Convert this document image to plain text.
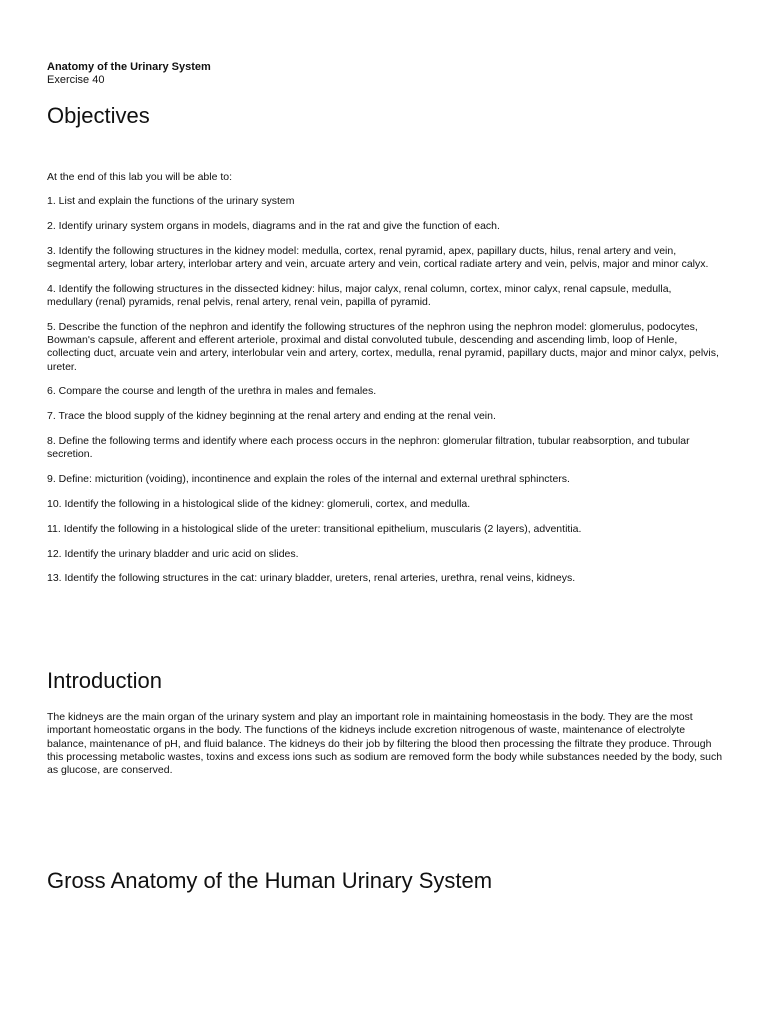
Anatomy of the Urinary System
Exercise 40
Objectives
At the end of this lab you will be able to:
1. List and explain the functions of the urinary system
2. Identify urinary system organs in models, diagrams and in the rat and give the function of each.
3. Identify the following structures in the kidney model: medulla, cortex, renal pyramid, apex, papillary ducts, hilus, renal artery and vein, segmental artery, lobar artery, interlobar artery and vein, arcuate artery and vein, cortical radiate artery and vein, pelvis, major and minor calyx.
4. Identify the following structures in the dissected kidney: hilus, major calyx, renal column, cortex, minor calyx, renal capsule, medulla, medullary (renal) pyramids, renal pelvis, renal artery, renal vein, papilla of pyramid.
5. Describe the function of the nephron and identify the following structures of the nephron using the nephron model: glomerulus, podocytes, Bowman's capsule, afferent and efferent arteriole, proximal and distal convoluted tubule, descending and ascending limb, loop of Henle, collecting duct, arcuate vein and artery, interlobular vein and artery, cortex, medulla, renal pyramid, papillary ducts, major and minor calyx, pelvis, ureter.
6. Compare the course and length of the urethra in males and females.
7. Trace the blood supply of the kidney beginning at the renal artery and ending at the renal vein.
8. Define the following terms and identify where each process occurs in the nephron: glomerular filtration, tubular reabsorption, and tubular secretion.
9. Define: micturition (voiding), incontinence and explain the roles of the internal and external urethral sphincters.
10. Identify the following in a histological slide of the kidney: glomeruli, cortex, and medulla.
11. Identify the following in a histological slide of the ureter: transitional epithelium, muscularis (2 layers), adventitia.
12. Identify the urinary bladder and uric acid on slides.
13. Identify the following structures in the cat: urinary bladder, ureters, renal arteries, urethra, renal veins, kidneys.
Introduction

The kidneys are the main organ of the urinary system and play an important role in maintaining homeostasis in the body. They are the most important homeostatic organs in the body. The functions of the kidneys include excretion nitrogenous of waste, maintenance of electrolyte balance, maintenance of pH, and fluid balance. The kidneys do their job by filtering the blood then processing the filtrate they produce. Through this processing metabolic wastes, toxins and excess ions such as sodium are removed form the body while substances needed by the body, such as glucose, are conserved.

Gross Anatomy of the Human Urinary System
